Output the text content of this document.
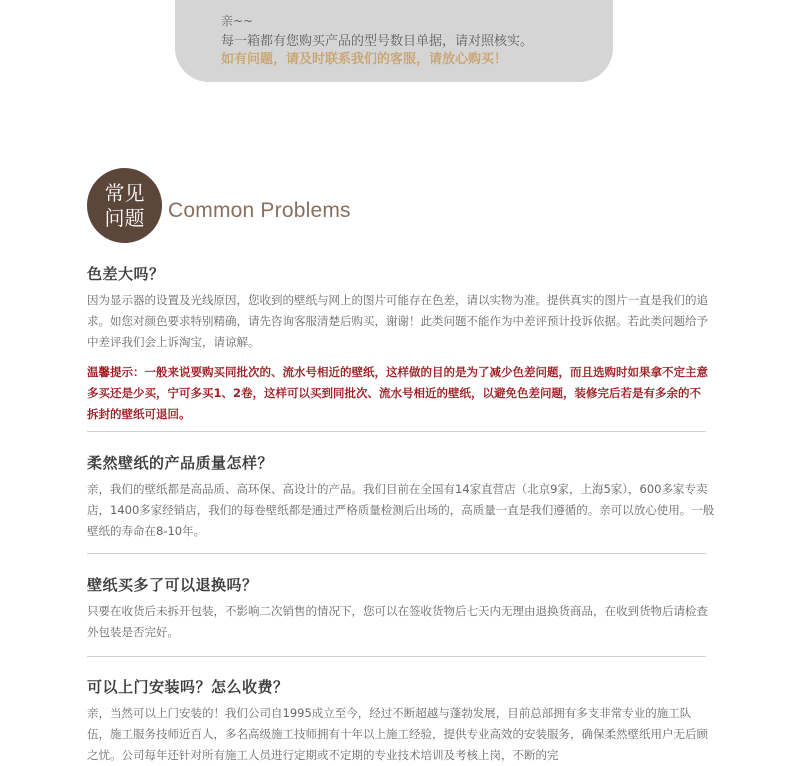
亲~~
每一箱都有您购买产品的型号数目单据，请对照核实。
如有问题，请及时联系我们的客服，请放心购买！
常见
问题 Common Problems
色差大吗？

因为显示器的设置及光线原因，您收到的壁纸与网上的图片可能存在色差，请以实物为准。提供真实的图片一直是我们的追求。如您对颜色要求特别精确，请先咨询客服清楚后购买，谢谢！此类问题不能作为中差评预计投诉依据。若此类问题给予中差评我们会上诉淘宝，请谅解。

温馨提示：一般来说要购买同批次的、流水号相近的壁纸，这样做的目的是为了减少色差问题，而且选购时如果拿不定主意多买还是少买，宁可多买1、2卷，这样可以买到同批次、流水号相近的壁纸，以避免色差问题，装修完后若是有多余的不拆封的壁纸可退回。

柔然壁纸的产品质量怎样？

亲，我们的壁纸都是高品质、高环保、高设计的产品。我们目前在全国有14家直营店（北京9家，上海5家），600多家专卖店，1400多家经销店，我们的每卷壁纸都是通过严格质量检测后出场的，高质量一直是我们遵循的。亲可以放心使用。一般壁纸的寿命在8-10年。

壁纸买多了可以退换吗？

只要在收货后未拆开包装，不影响二次销售的情况下，您可以在签收货物后七天内无理由退换货商品，在收到货物后请检查外包装是否完好。

可以上门安装吗？怎么收费？

亲，当然可以上门安装的！我们公司自1995成立至今，经过不断超越与蓬勃发展，目前总部拥有多支非常专业的施工队伍，施工服务技师近百人，多名高级施工技师拥有十年以上施工经验，提供专业高效的安装服务，确保柔然壁纸用户无后顾之忧。公司每年还针对所有施工人员进行定期或不定期的专业技术培训及考核上岗，不断的完
